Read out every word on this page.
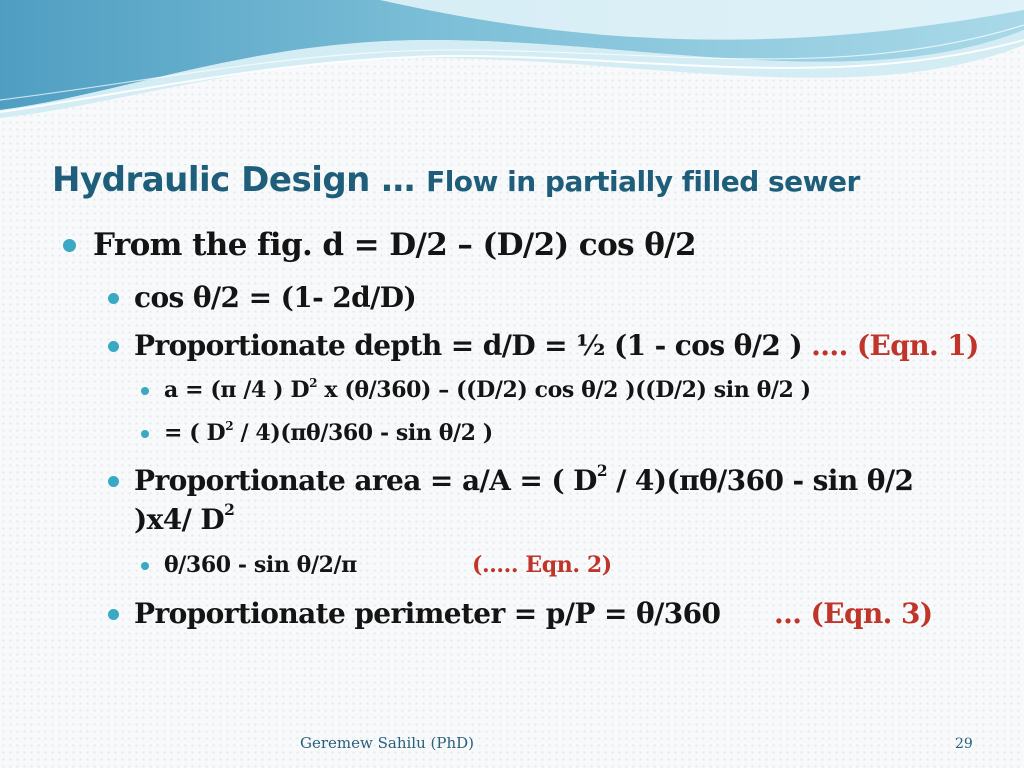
Hydraulic Design … Flow in partially filled sewer
From the fig. d = D/2 – (D/2) cos θ/2
cos θ/2 = (1- 2d/D)
Proportionate depth = d/D = ½ (1 - cos θ/2 ) …. (Eqn. 1)
a = (π /4 ) $D^2$ x (θ/360) – ((D/2) cos θ/2 )((D/2) sin θ/2 )
= ( $D^2 / 4)(\pi\theta/360$ - sin θ/2 )
Proportionate area = a/A = ( $D^2 / 4)(\pi\theta/360$ - sin θ/2
)x4/ $D^2$
θ/360 - sin θ/2/π	(….. Eqn. 2)
Proportionate perimeter = p/P = θ/360 … (Eqn. 3)
Geremew Sahilu (PhD)	29
